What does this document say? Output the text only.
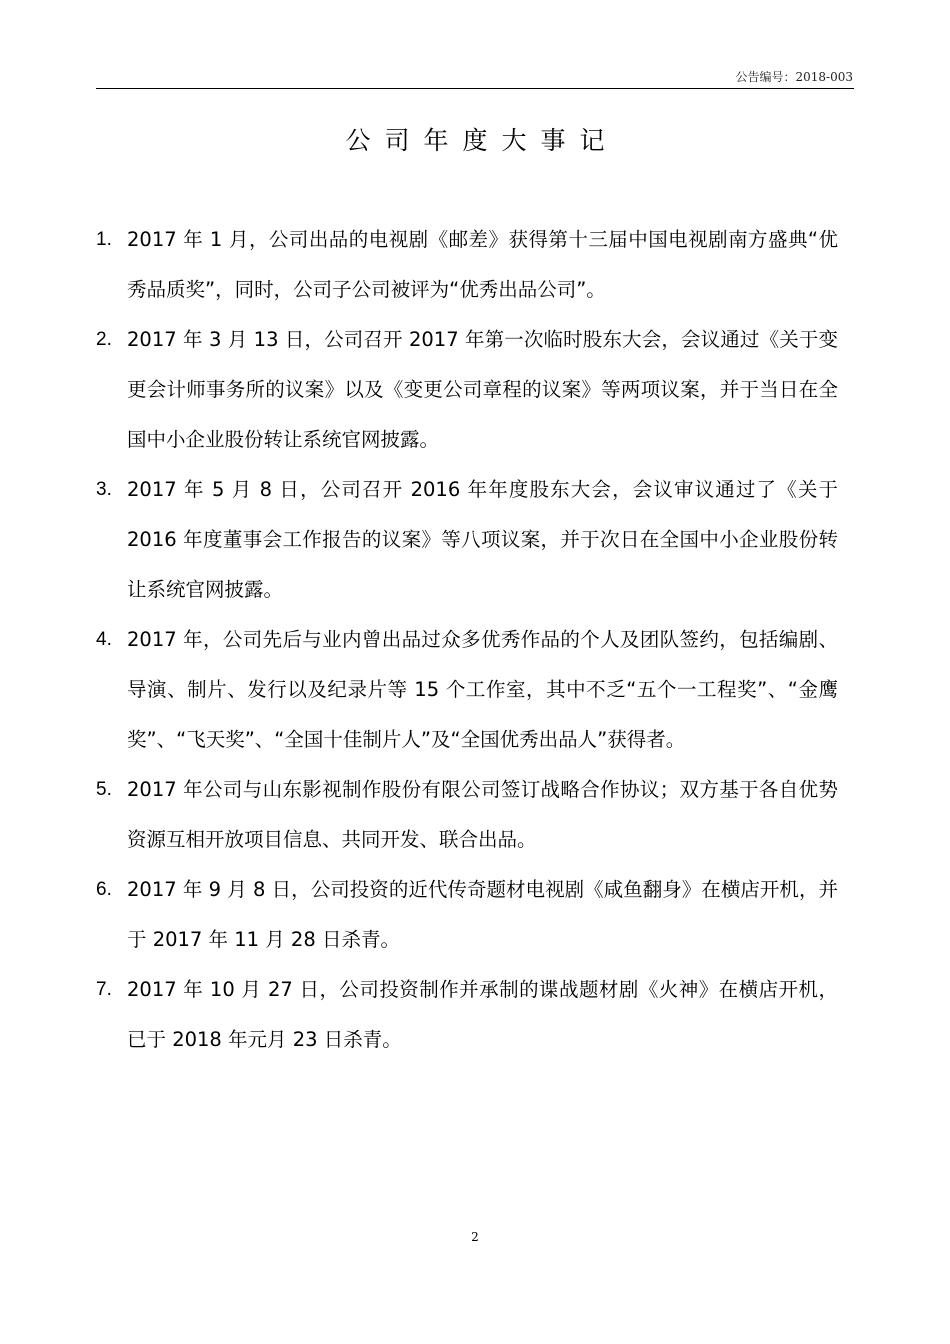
公告编号：2018-003
公司年度大事记
1. 2017 年 1 月，公司出品的电视剧《邮差》获得第十三届中国电视剧南方盛典“优秀品质奖”，同时，公司子公司被评为“优秀出品公司”。
2. 2017 年 3 月 13 日，公司召开 2017 年第一次临时股东大会，会议通过《关于变更会计师事务所的议案》以及《变更公司章程的议案》等两项议案，并于当日在全国中小企业股份转让系统官网披露。
3. 2017 年 5 月 8 日，公司召开 2016 年年度股东大会，会议审议通过了《关于 2016 年度董事会工作报告的议案》等八项议案，并于次日在全国中小企业股份转让系统官网披露。
4. 2017 年，公司先后与业内曾出品过众多优秀作品的个人及团队签约，包括编剧、导演、制片、发行以及纪录片等 15 个工作室，其中不乏“五个一工程奖”、“金鹰奖”、“飞天奖”、“全国十佳制片人”及“全国优秀出品人”获得者。
5. 2017 年公司与山东影视制作股份有限公司签订战略合作协议；双方基于各自优势资源互相开放项目信息、共同开发、联合出品。
6. 2017 年 9 月 8 日，公司投资的近代传奇题材电视剧《咸鱼翻身》在横店开机，并于 2017 年 11 月 28 日杀青。
7. 2017 年 10 月 27 日，公司投资制作并承制的谍战题材剧《火神》在横店开机，已于 2018 年元月 23 日杀青。
2
